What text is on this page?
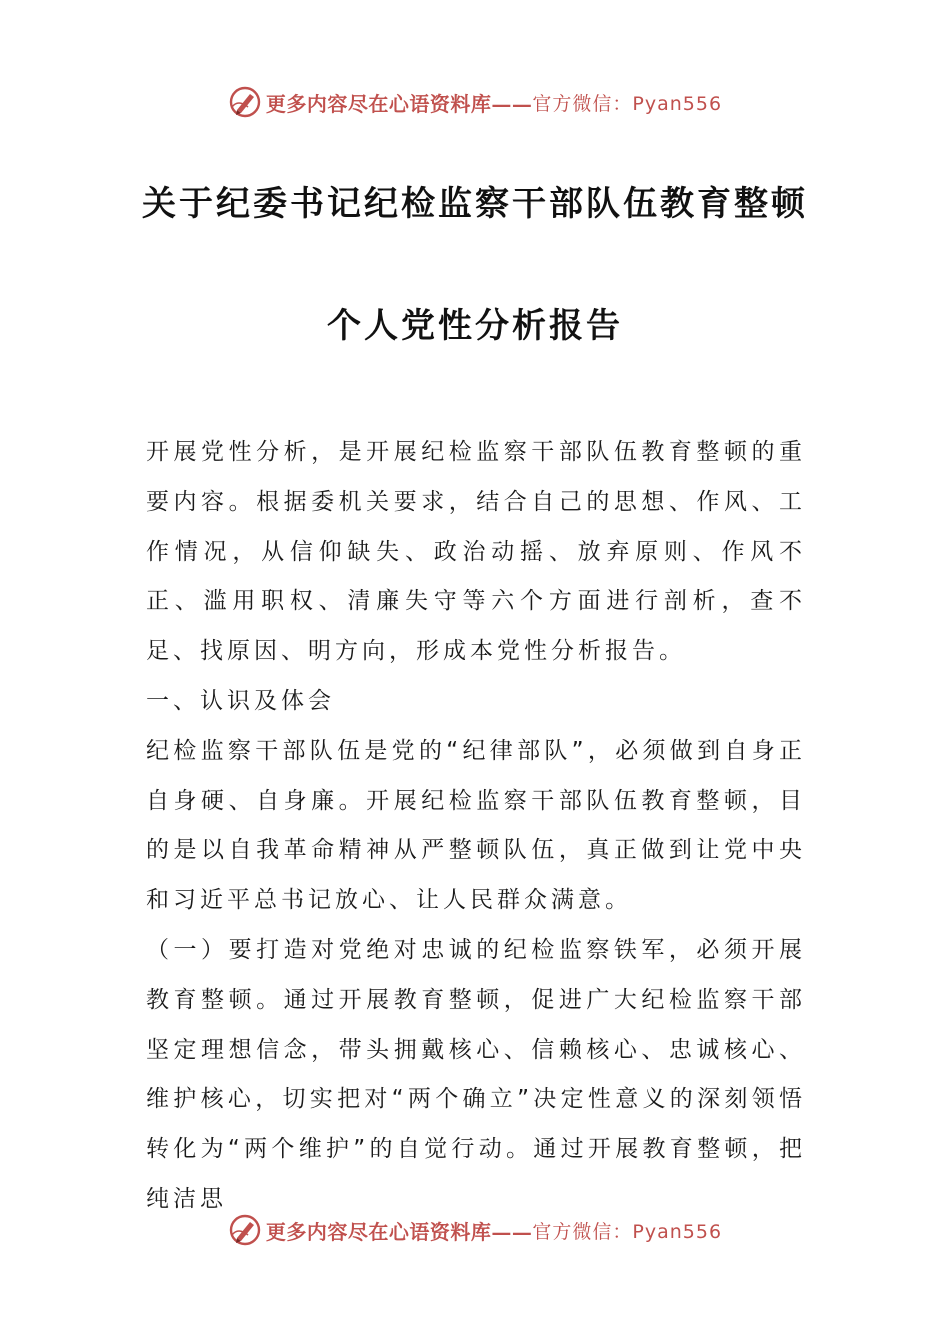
更多内容尽在心语资料库—— 官方微信：Pyan556
关于纪委书记纪检监察干部队伍教育整顿
个人党性分析报告

开展党性分析，是开展纪检监察干部队伍教育整顿的重要内容。根据委机关要求，结合自己的思想、作风、工作情况，从信仰缺失、政治动摇、放弃原则、作风不正、滥用职权、清廉失守等六个方面进行剖析，查不足、找原因、明方向，形成本党性分析报告。

一、认识及体会

纪检监察干部队伍是党的“纪律部队”，必须做到自身正自身硬、自身廉。开展纪检监察干部队伍教育整顿，目的是以自我革命精神从严整顿队伍，真正做到让党中央和习近平总书记放心、让人民群众满意。

（一）要打造对党绝对忠诚的纪检监察铁军，必须开展教育整顿。通过开展教育整顿，促进广大纪检监察干部坚定理想信念，带头拥戴核心、信赖核心、忠诚核心、维护核心，切实把对“两个确立”决定性意义的深刻领悟转化为“两个维护”的自觉行动。通过开展教育整顿，把纯洁思

更多内容尽在心语资料库—— 官方微信：Pyan556
